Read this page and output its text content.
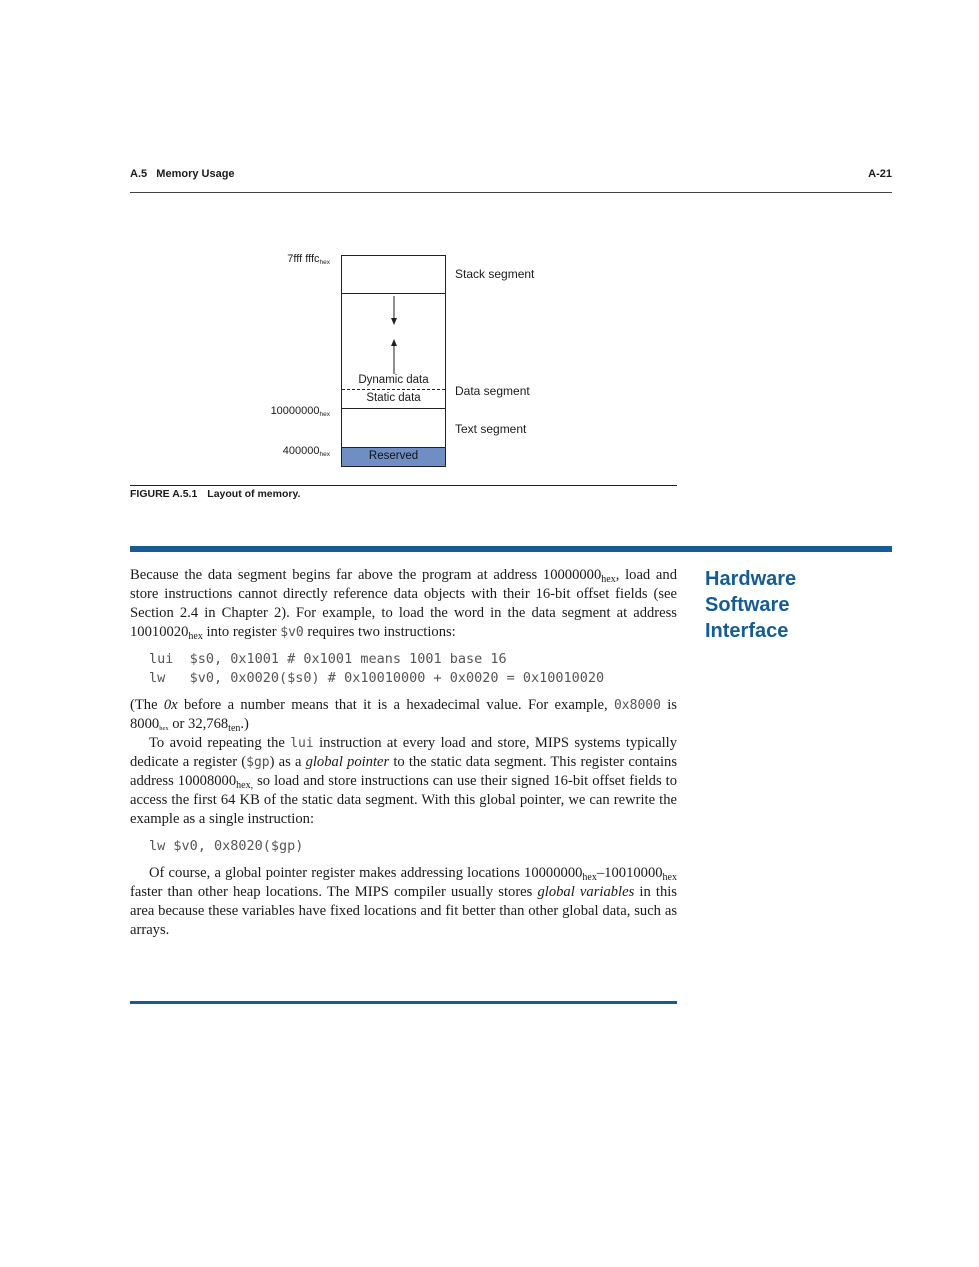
A.5   Memory Usage	A-21
7fff fffc$_{hex}$
$10000000_{hex}$
$400000_{hex}$
Dynamic data
Static data
Reserved
Stack segment
Data segment
Text segment
FIGURE A.5.1 Layout of memory.
Hardware
Software
Interface

Because the data segment begins far above the program at address $10000000_{hex}$, load and store instructions cannot directly reference data objects with their 16-bit offset fields (see Section 2.4 in Chapter 2). For example, to load the word in the data segment at address $10010020_{hex}$ into register $v0 requires two instructions:

lui  $s0, 0x1001 # 0x1001 means 1001 base 16
lw   $v0, 0x0020($s0) # 0x10010000 + 0x0020 = 0x10010020

(The 0x before a number means that it is a hexadecimal value. For example, 0x8000 is 8000hex or $32,768_{ten}$.)

To avoid repeating the lui instruction at every load and store, MIPS systems typically dedicate a register ($gp) as a global pointer to the static data segment. This register contains address $10008000_{hex,}$ so load and store instructions can use their signed 16-bit offset fields to access the first 64 KB of the static data segment. With this global pointer, we can rewrite the example as a single instruction:

lw $v0, 0x8020($gp)

Of course, a global pointer register makes addressing locations $10000000_{hex}-10010000_{hex}$ faster than other heap locations. The MIPS compiler usually stores global variables in this area because these variables have fixed locations and fit better than other global data, such as arrays.
